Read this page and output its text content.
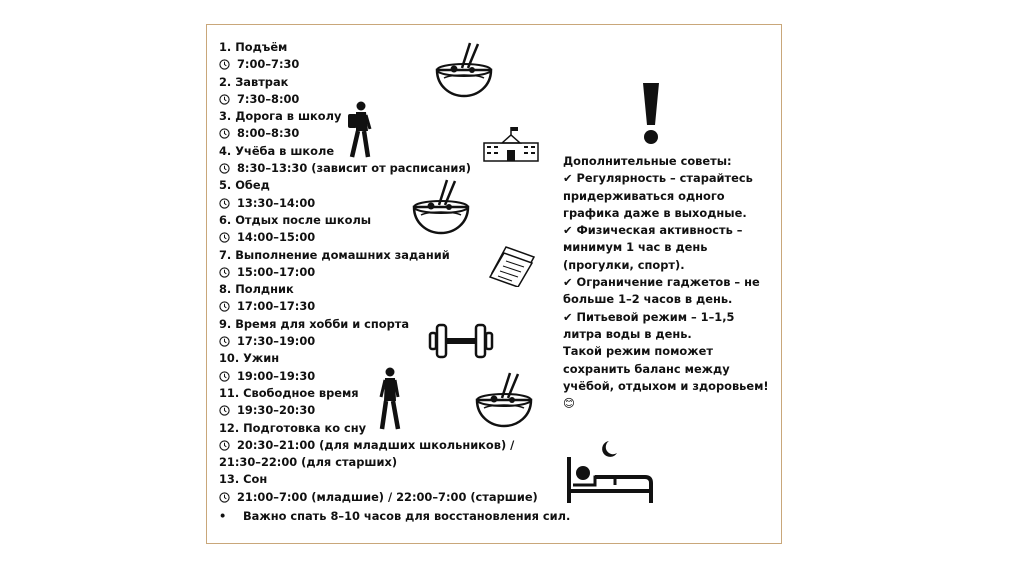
1. Подъём
7:00–7:30
2. Завтрак
7:30–8:00
3. Дорога в школу
8:00–8:30
4. Учёба в школе
8:30–13:30 (зависит от расписания)
5. Обед
13:30–14:00
6. Отдых после школы
14:00–15:00
7. Выполнение домашних заданий
15:00–17:00
8. Полдник
17:00–17:30
9. Время для хобби и спорта
17:30–19:00
10. Ужин
19:00–19:30
11. Свободное время
19:30–20:30
12. Подготовка ко сну
20:30–21:00 (для младших школьников) / 21:30–22:00 (для старших)
13. Сон
21:00–7:00 (младшие) / 22:00–7:00 (старшие)
• Важно спать 8–10 часов для восстановления сил.
Дополнительные советы:
✔ Регулярность – старайтесь придерживаться одного графика даже в выходные.
✔ Физическая активность – минимум 1 час в день (прогулки, спорт).
✔ Ограничение гаджетов – не больше 1–2 часов в день.
✔ Питьевой режим – 1–1,5 литра воды в день.
Такой режим поможет сохранить баланс между учёбой, отдыхом и здоровьем! 😊
